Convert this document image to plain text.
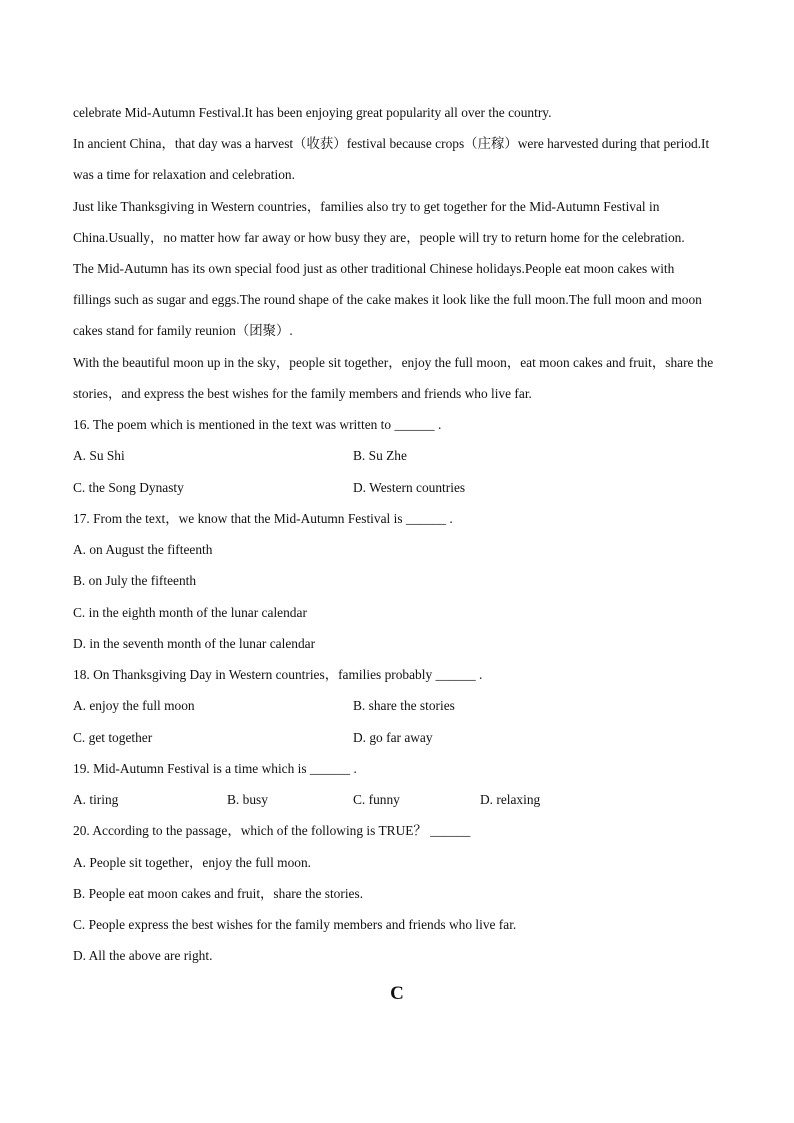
celebrate Mid-Autumn Festival.It has been enjoying great popularity all over the country.
In ancient China，that day was a harvest（收获）festival because crops（庄稼）were harvested during that period.It
was a time for relaxation and celebration.
Just like Thanksgiving in Western countries，families also try to get together for the Mid-Autumn Festival in
China.Usually，no matter how far away or how busy they are，people will try to return home for the celebration.
The Mid-Autumn has its own special food just as other traditional Chinese holidays.People eat moon cakes with
fillings such as sugar and eggs.The round shape of the cake makes it look like the full moon.The full moon and moon
cakes stand for family reunion（团聚）.
With the beautiful moon up in the sky，people sit together，enjoy the full moon，eat moon cakes and fruit，share the
stories，and express the best wishes for the family members and friends who live far.
16. The poem which is mentioned in the text was written to ______ .
A. Su Shi	B. Su Zhe
C. the Song Dynasty	D. Western countries
17. From the text，we know that the Mid-Autumn Festival is ______ .
A. on August the fifteenth
B. on July the fifteenth
C. in the eighth month of the lunar calendar
D. in the seventh month of the lunar calendar
18. On Thanksgiving Day in Western countries，families probably ______ .
A. enjoy the full moon	B. share the stories
C. get together	D. go far away
19. Mid-Autumn Festival is a time which is ______ .
A. tiring	B. busy	C. funny	D. relaxing
20. According to the passage，which of the following is TRUE？ ______
A. People sit together，enjoy the full moon.
B. People eat moon cakes and fruit，share the stories.
C. People express the best wishes for the family members and friends who live far.
D. All the above are right.
C
